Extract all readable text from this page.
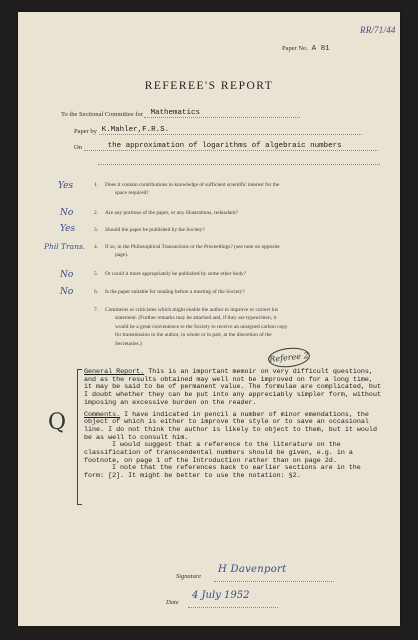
RR/71/44
Paper No. A 81
REFEREE'S REPORT
To the Sectional Committee for Mathematics
Paper by K.Mahler,F.R.S.
On	the approximation of logarithms of algebraic numbers
1. Does it contain contributions to knowledge of sufficient scientific interest for the
space required?
Yes
2. Are any portions of the paper, or any illustrations, redundant?
No
3. Should the paper be published by the Society?
Yes
4. If so, in the Philosophical Transactions or the Proceedings? (see note on opposite
page).
Phil Trans.
5. Or could it more appropriately be published by some other body?
No
6. Is the paper suitable for reading before a meeting of the Society?
No
7. Comments or criticisms which might enable the author to improve or correct his
statement. (Further remarks may be attached and, if they are typewritten, it
would be a great convenience to the Society to receive an unsigned carbon copy
for transmission to the author, in whole or in part, at the discretion of the
Secretaries.)
Referee 2
Q

General Report. This is an important memoir on very difficult questions, and as the results obtained may well not be improved on for a long time, it may be said to be of permanent value. The formulae are complicated, but I doubt whether they can be put into any appreciably simpler form, without imposing an excessive burden on the reader.

Comments. I have indicated in pencil a number of minor emendations, the object of which is either to improve the style or to save an occasional line. I do not think the author is likely to object to them, but it would be as well to consult him.

I would suggest that a reference to the literature on the classification of transcendental numbers should be given, e.g. in a footnote, on page 1 of the Introduction rather than on page 2d.

I note that the references back to earlier sections are in the form: [2]. It might be better to use the notation: §2.

Signature
H Davenport
Date
4 July 1952
